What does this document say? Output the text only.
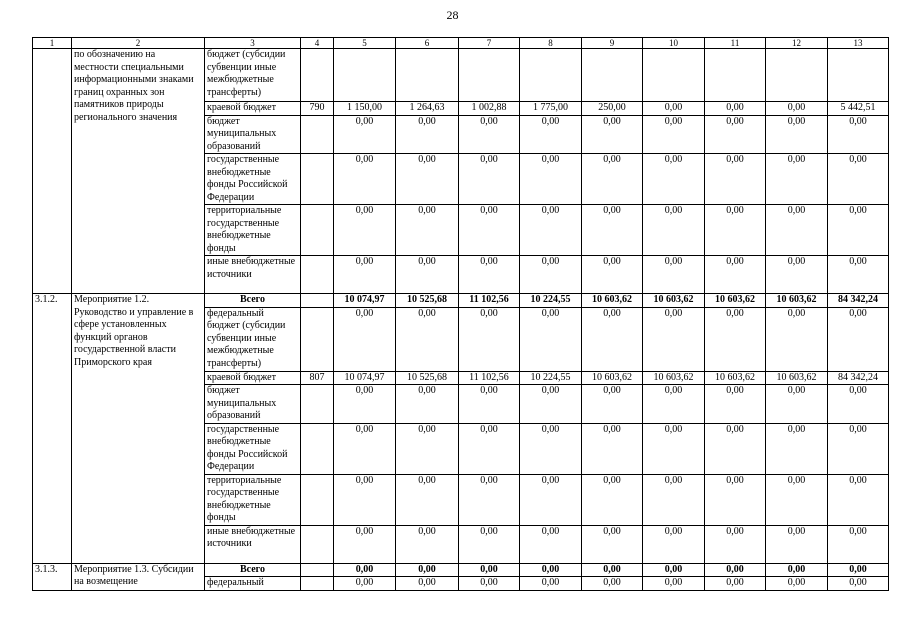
28
1	2	3	4	5	6	7	8	9	10	11	12	13
	по обозначению на местности специальными информационными знаками границ охранных зон памятников природы регионального значения	бюджет (субсидии субвенции иные межбюджетные трансферты)										
		краевой бюджет	790	1 150,00	1 264,63	1 002,88	1 775,00	250,00	0,00	0,00	0,00	5 442,51
		бюджет муниципальных образований		0,00	0,00	0,00	0,00	0,00	0,00	0,00	0,00	0,00
		государственные внебюджетные фонды Российской Федерации		0,00	0,00	0,00	0,00	0,00	0,00	0,00	0,00	0,00
		территориальные государственные внебюджетные фонды		0,00	0,00	0,00	0,00	0,00	0,00	0,00	0,00	0,00
		иные внебюджетные источники		0,00	0,00	0,00	0,00	0,00	0,00	0,00	0,00	0,00
3.1.2.	Мероприятие 1.2. Руководство и управление в сфере установленных функций органов государственной власти Приморского края	Всего		10 074,97	10 525,68	11 102,56	10 224,55	10 603,62	10 603,62	10 603,62	10 603,62	84 342,24
		федеральный бюджет (субсидии субвенции иные межбюджетные трансферты)		0,00	0,00	0,00	0,00	0,00	0,00	0,00	0,00	0,00
		краевой бюджет	807	10 074,97	10 525,68	11 102,56	10 224,55	10 603,62	10 603,62	10 603,62	10 603,62	84 342,24
		бюджет муниципальных образований		0,00	0,00	0,00	0,00	0,00	0,00	0,00	0,00	0,00
		государственные внебюджетные фонды Российской Федерации		0,00	0,00	0,00	0,00	0,00	0,00	0,00	0,00	0,00
		территориальные государственные внебюджетные фонды		0,00	0,00	0,00	0,00	0,00	0,00	0,00	0,00	0,00
		иные внебюджетные источники		0,00	0,00	0,00	0,00	0,00	0,00	0,00	0,00	0,00
3.1.3.	Мероприятие 1.3. Субсидии на возмещение	Всего		0,00	0,00	0,00	0,00	0,00	0,00	0,00	0,00	0,00
		федеральный		0,00	0,00	0,00	0,00	0,00	0,00	0,00	0,00	0,00
